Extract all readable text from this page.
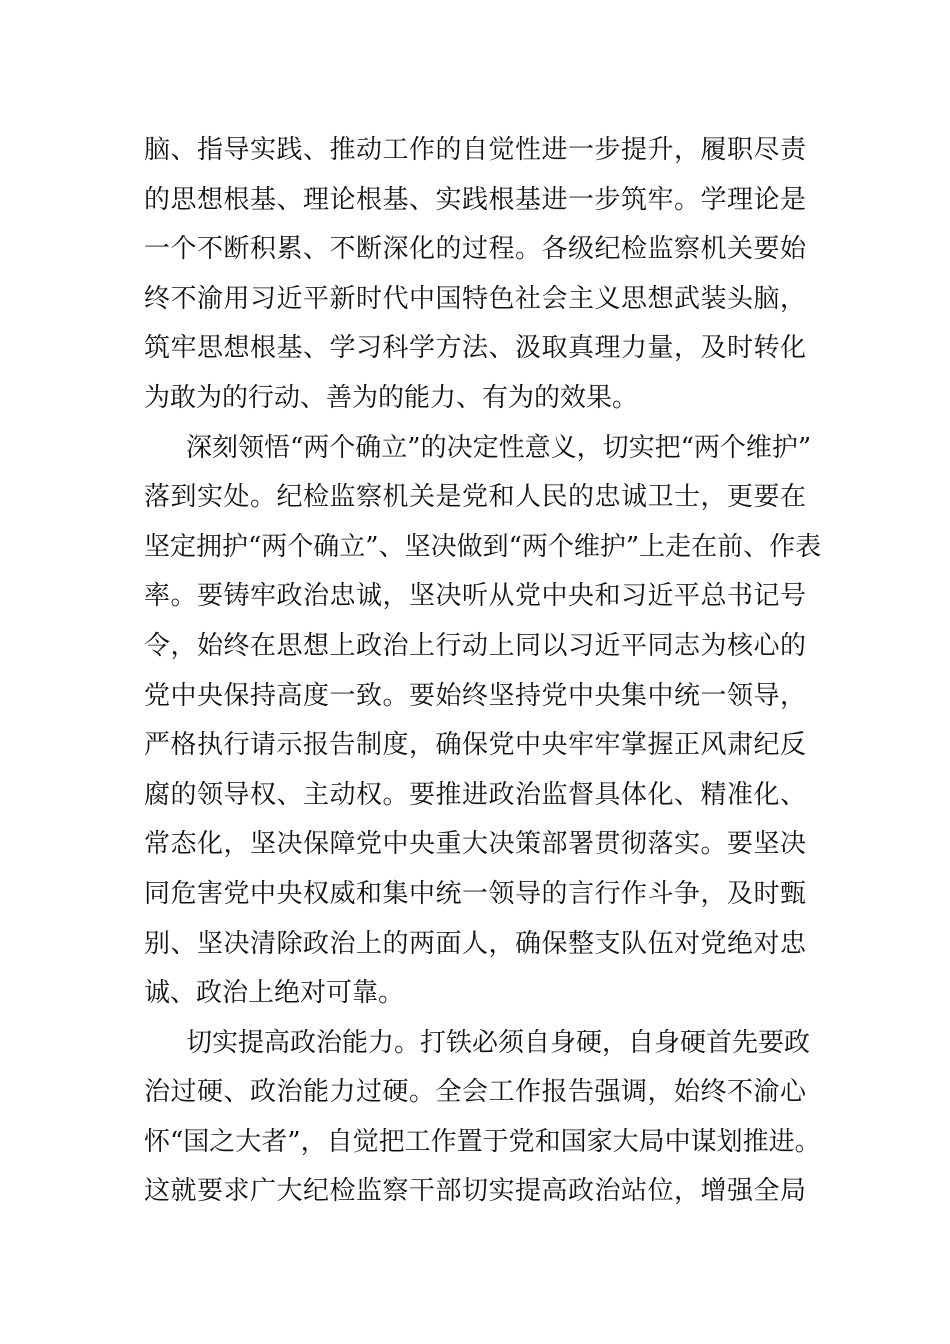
脑、指导实践、推动工作的自觉性进一步提升，履职尽责
的思想根基、理论根基、实践根基进一步筑牢。学理论是
一个不断积累、不断深化的过程。各级纪检监察机关要始
终不渝用习近平新时代中国特色社会主义思想武装头脑，
筑牢思想根基、学习科学方法、汲取真理力量，及时转化
为敢为的行动、善为的能力、有为的效果。
深刻领悟“两个确立”的决定性意义，切实把“两个维护”
落到实处。纪检监察机关是党和人民的忠诚卫士，更要在
坚定拥护“两个确立”、坚决做到“两个维护”上走在前、作表
率。要铸牢政治忠诚，坚决听从党中央和习近平总书记号
令，始终在思想上政治上行动上同以习近平同志为核心的
党中央保持高度一致。要始终坚持党中央集中统一领导，
严格执行请示报告制度，确保党中央牢牢掌握正风肃纪反
腐的领导权、主动权。要推进政治监督具体化、精准化、
常态化，坚决保障党中央重大决策部署贯彻落实。要坚决
同危害党中央权威和集中统一领导的言行作斗争，及时甄
别、坚决清除政治上的两面人，确保整支队伍对党绝对忠
诚、政治上绝对可靠。
切实提高政治能力。打铁必须自身硬，自身硬首先要政
治过硬、政治能力过硬。全会工作报告强调，始终不渝心
怀“国之大者”，自觉把工作置于党和国家大局中谋划推进。
这就要求广大纪检监察干部切实提高政治站位，增强全局
